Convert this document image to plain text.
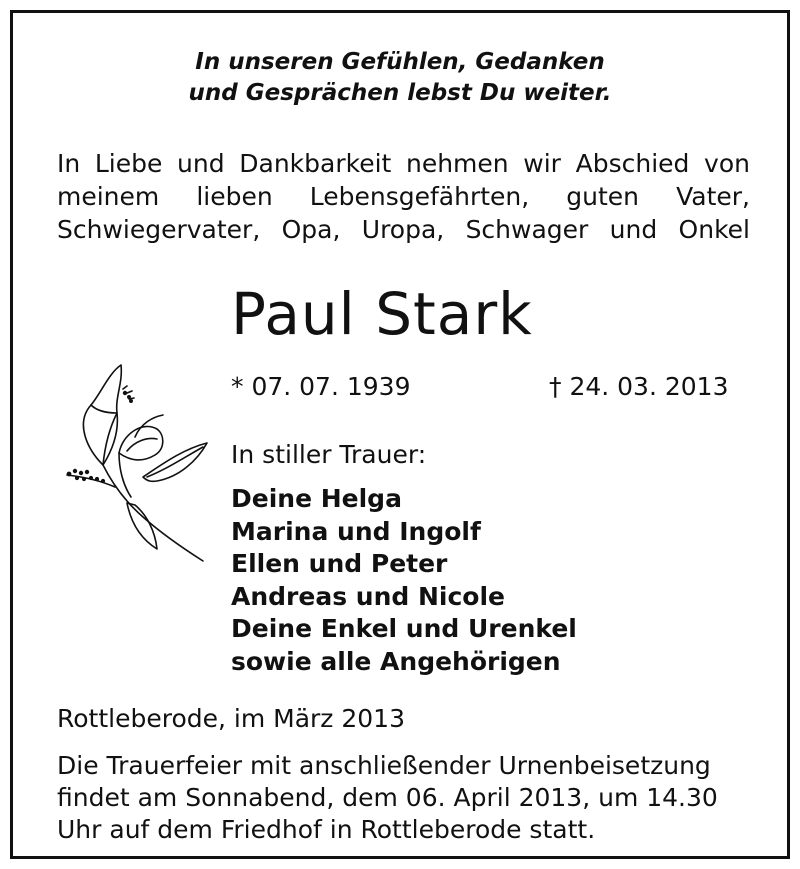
In unseren Gefühlen, Gedanken
und Gesprächen lebst Du weiter.
In Liebe und Dankbarkeit nehmen wir Abschied von
meinem lieben Lebensgefährten, guten Vater,
Schwiegervater, Opa, Uropa, Schwager und Onkel
Paul Stark
* 07. 07. 1939	† 24. 03. 2013
In stiller Trauer:
Deine Helga
Marina und Ingolf
Ellen und Peter
Andreas und Nicole
Deine Enkel und Urenkel
sowie alle Angehörigen
Rottleberode, im März 2013
Die Trauerfeier mit anschließender Urnenbeisetzung
findet am Sonnabend, dem 06. April 2013, um 14.30
Uhr auf dem Friedhof in Rottleberode statt.
